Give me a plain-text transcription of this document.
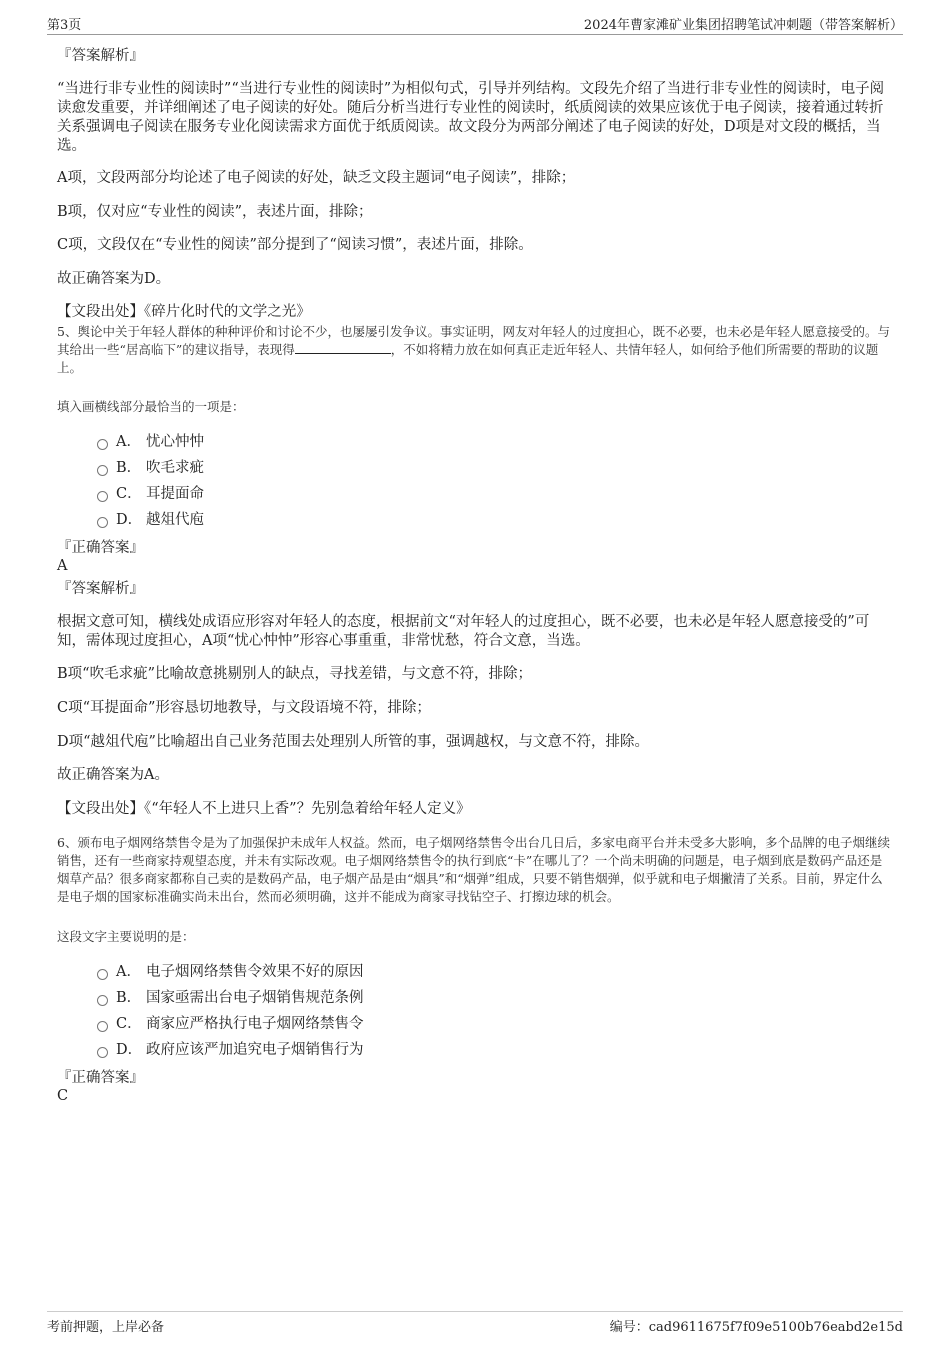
第3页	2024年曹家滩矿业集团招聘笔试冲刺题（带答案解析）
『答案解析』
“当进行非专业性的阅读时”“当进行专业性的阅读时”为相似句式，引导并列结构。文段先介绍了当进行非专业性的阅读时，电子阅读愈发重要，并详细阐述了电子阅读的好处。随后分析当进行专业性的阅读时，纸质阅读的效果应该优于电子阅读，接着通过转折关系强调电子阅读在服务专业化阅读需求方面优于纸质阅读。故文段分为两部分阐述了电子阅读的好处，D项是对文段的概括，当选。
A项，文段两部分均论述了电子阅读的好处，缺乏文段主题词“电子阅读”，排除；
B项，仅对应“专业性的阅读”，表述片面，排除；
C项，文段仅在“专业性的阅读”部分提到了“阅读习惯”，表述片面，排除。
故正确答案为D。
【文段出处】《碎片化时代的文学之光》
5、舆论中关于年轻人群体的种种评价和讨论不少，也屡屡引发争议。事实证明，网友对年轻人的过度担心，既不必要，也未必是年轻人愿意接受的。与其给出一些“居高临下”的建议指导，表现得	，不如将精力放在如何真正走近年轻人、共情年轻人，如何给予他们所需要的帮助的议题上。
填入画横线部分最恰当的一项是：
A． 忧心忡忡
B． 吹毛求疵
C． 耳提面命
D． 越俎代庖
『正确答案』
A
『答案解析』
根据文意可知，横线处成语应形容对年轻人的态度，根据前文“对年轻人的过度担心，既不必要，也未必是年轻人愿意接受的”可知，需体现过度担心，A项“忧心忡忡”形容心事重重，非常忧愁，符合文意，当选。
B项“吹毛求疵”比喻故意挑剔别人的缺点，寻找差错，与文意不符，排除；
C项“耳提面命”形容恳切地教导，与文段语境不符，排除；
D项“越俎代庖”比喻超出自己业务范围去处理别人所管的事，强调越权，与文意不符，排除。
故正确答案为A。
【文段出处】《“年轻人不上进只上香”？先别急着给年轻人定义》
6、颁布电子烟网络禁售令是为了加强保护未成年人权益。然而，电子烟网络禁售令出台几日后，多家电商平台并未受多大影响，多个品牌的电子烟继续销售，还有一些商家持观望态度，并未有实际改观。电子烟网络禁售令的执行到底“卡”在哪儿了？一个尚未明确的问题是，电子烟到底是数码产品还是烟草产品？很多商家都称自己卖的是数码产品，电子烟产品是由“烟具”和“烟弹”组成，只要不销售烟弹，似乎就和电子烟撇清了关系。目前，界定什么是电子烟的国家标准确实尚未出台，然而必须明确，这并不能成为商家寻找钻空子、打擦边球的机会。
这段文字主要说明的是：
A． 电子烟网络禁售令效果不好的原因
B． 国家亟需出台电子烟销售规范条例
C． 商家应严格执行电子烟网络禁售令
D． 政府应该严加追究电子烟销售行为
『正确答案』
C
考前押题，上岸必备	编号：cad9611675f7f09e5100b76eabd2e15d
